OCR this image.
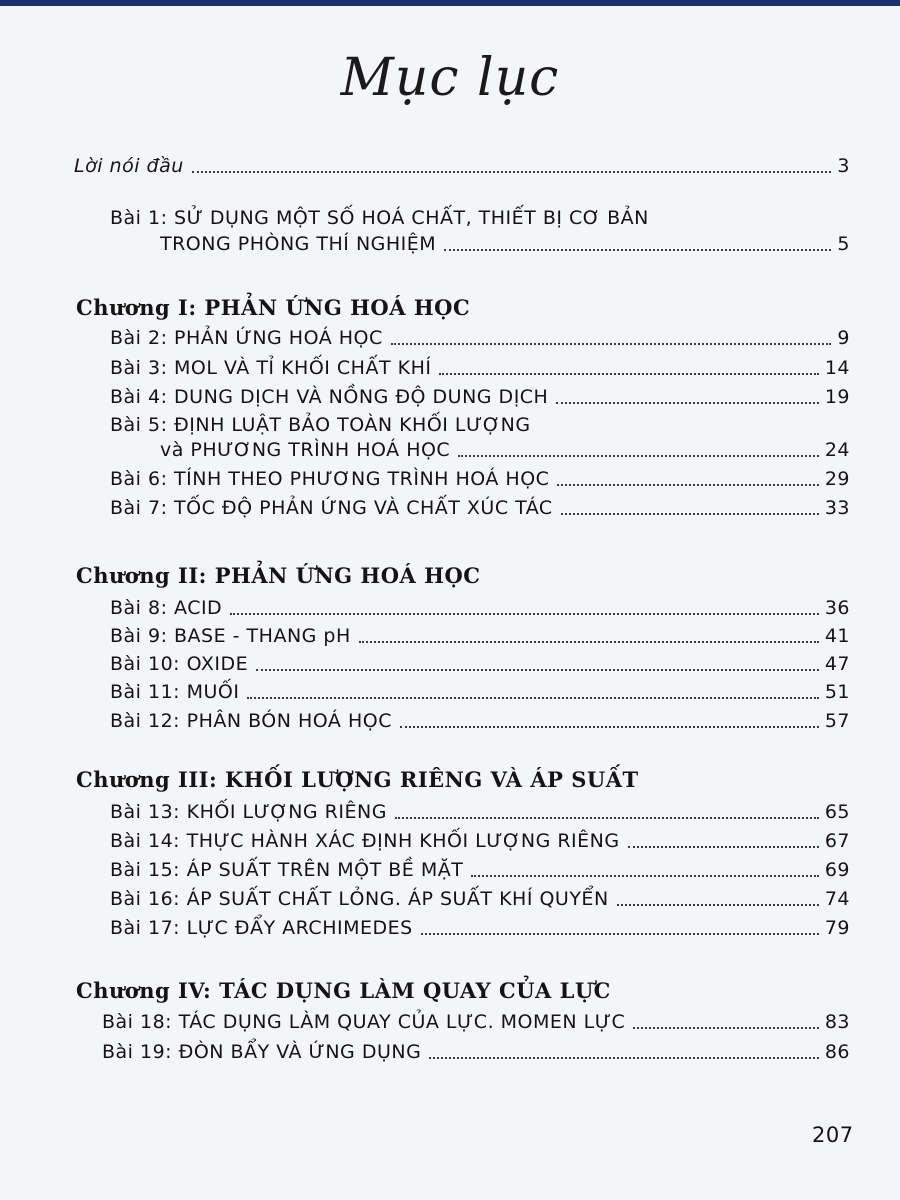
Mục lục
Lời nói đầu	3
Bài 1: SỬ DỤNG MỘT SỐ HOÁ CHẤT, THIẾT BỊ CƠ BẢN
TRONG PHÒNG THÍ NGHIỆM	5
Chương I: PHẢN ỨNG HOÁ HỌC
Bài 2: PHẢN ỨNG HOÁ HỌC	9
Bài 3: MOL VÀ TỈ KHỐI CHẤT KHÍ	14
Bài 4: DUNG DỊCH VÀ NỒNG ĐỘ DUNG DỊCH	19
Bài 5: ĐỊNH LUẬT BẢO TOÀN KHỐI LƯỢNG
và PHƯƠNG TRÌNH HOÁ HỌC	24
Bài 6: TÍNH THEO PHƯƠNG TRÌNH HOÁ HỌC	29
Bài 7: TỐC ĐỘ PHẢN ỨNG VÀ CHẤT XÚC TÁC	33
Chương II: PHẢN ỨNG HOÁ HỌC
Bài 8: ACID	36
Bài 9: BASE - THANG pH	41
Bài 10: OXIDE	47
Bài 11: MUỐI	51
Bài 12: PHÂN BÓN HOÁ HỌC	57
Chương III: KHỐI LƯỢNG RIÊNG VÀ ÁP SUẤT
Bài 13: KHỐI LƯỢNG RIÊNG	65
Bài 14: THỰC HÀNH XÁC ĐỊNH KHỐI LƯỢNG RIÊNG	67
Bài 15: ÁP SUẤT TRÊN MỘT BỀ MẶT	69
Bài 16: ÁP SUẤT CHẤT LỎNG. ÁP SUẤT KHÍ QUYỂN	74
Bài 17: LỰC ĐẨY ARCHIMEDES	79
Chương IV: TÁC DỤNG LÀM QUAY CỦA LỰC
Bài 18: TÁC DỤNG LÀM QUAY CỦA LỰC. MOMEN LỰC	83
Bài 19: ĐÒN BẨY VÀ ỨNG DỤNG	86
207
